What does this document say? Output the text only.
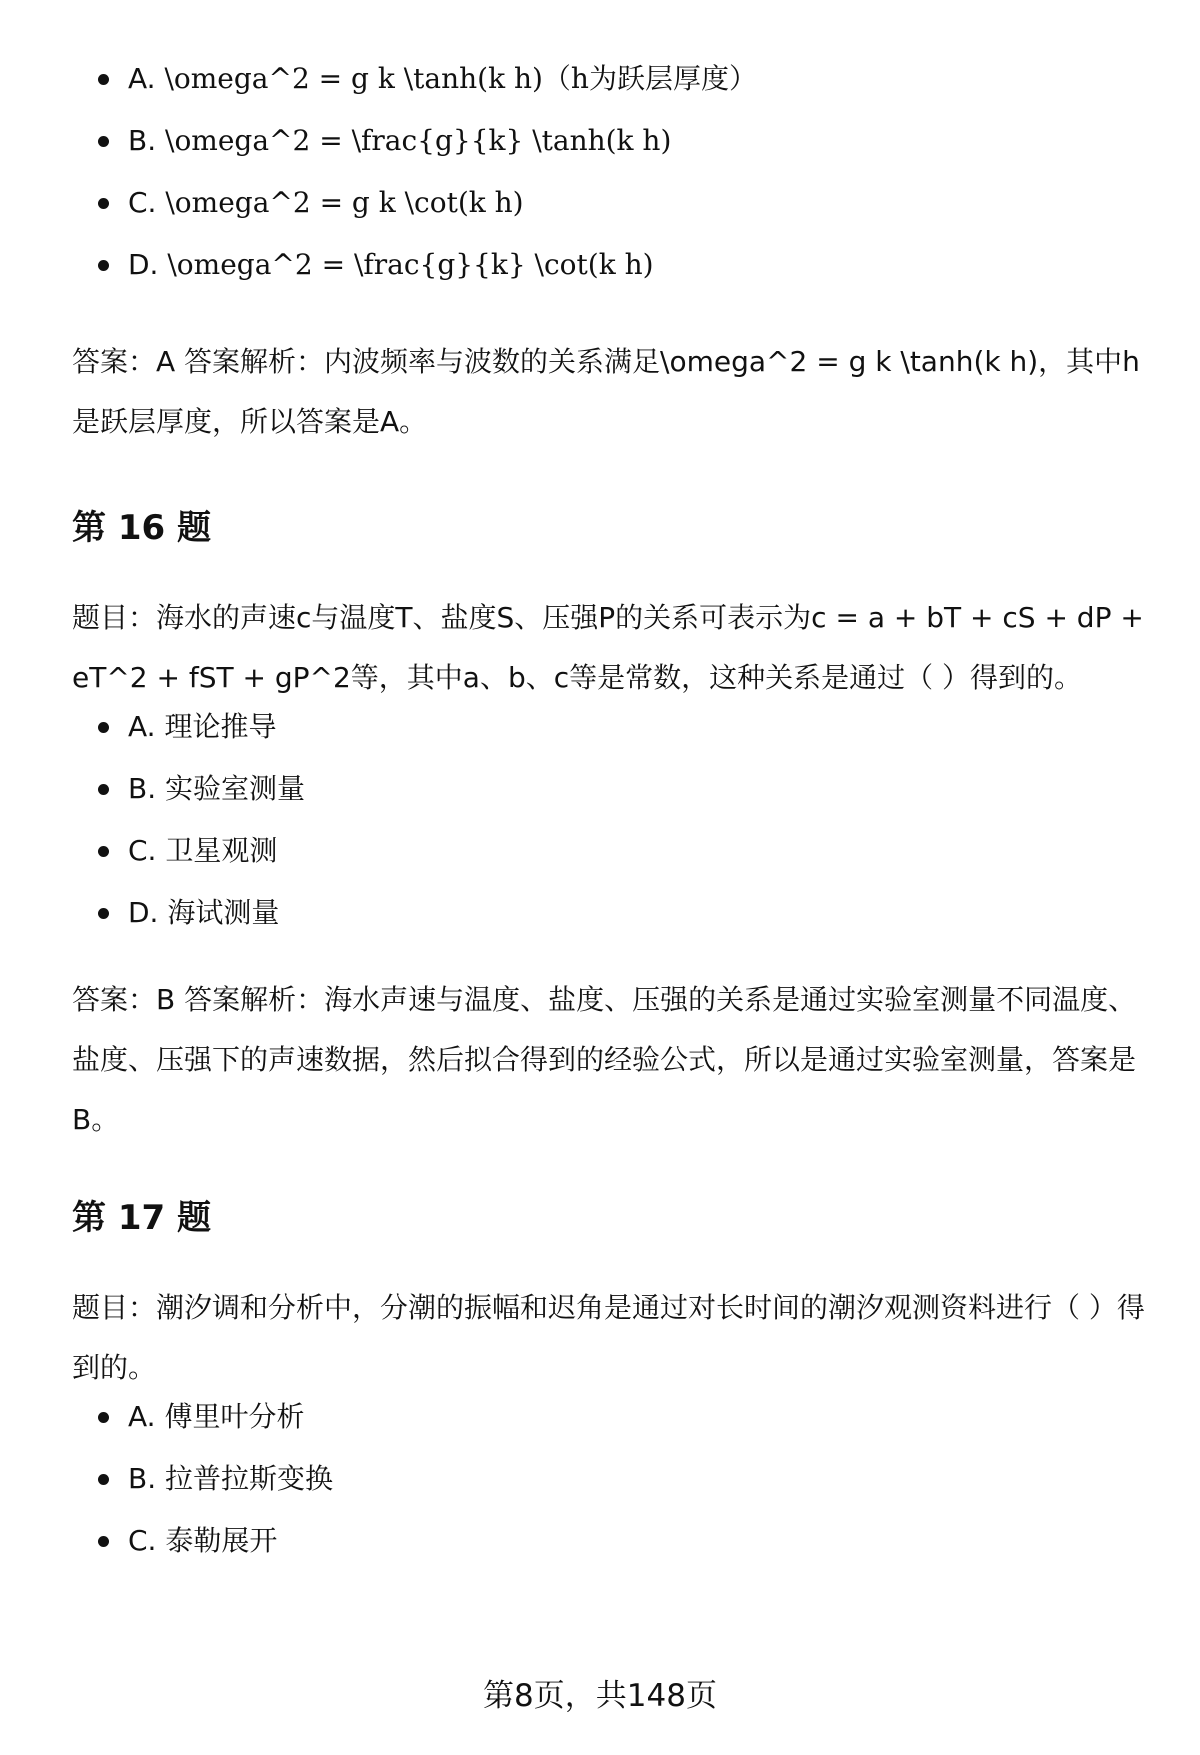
A. \omega^2 = g k \tanh(k h)（h为跃层厚度）
B. \omega^2 = \frac{g}{k} \tanh(k h)
C. \omega^2 = g k \cot(k h)
D. \omega^2 = \frac{g}{k} \cot(k h)

答案：A 答案解析：内波频率与波数的关系满足\omega^2 = g k \tanh(k h)，其中h是跃层厚度，所以答案是A。

第 16 题

题目：海水的声速c与温度T、盐度S、压强P的关系可表示为c = a + bT + cS + dP + eT^2 + fST + gP^2等，其中a、b、c等是常数，这种关系是通过（ ）得到的。

A. 理论推导
B. 实验室测量
C. 卫星观测
D. 海试测量

答案：B 答案解析：海水声速与温度、盐度、压强的关系是通过实验室测量不同温度、盐度、压强下的声速数据，然后拟合得到的经验公式，所以是通过实验室测量，答案是B。

第 17 题

题目：潮汐调和分析中，分潮的振幅和迟角是通过对长时间的潮汐观测资料进行（ ）得到的。

A. 傅里叶分析
B. 拉普拉斯变换
C. 泰勒展开
第8页，共148页
